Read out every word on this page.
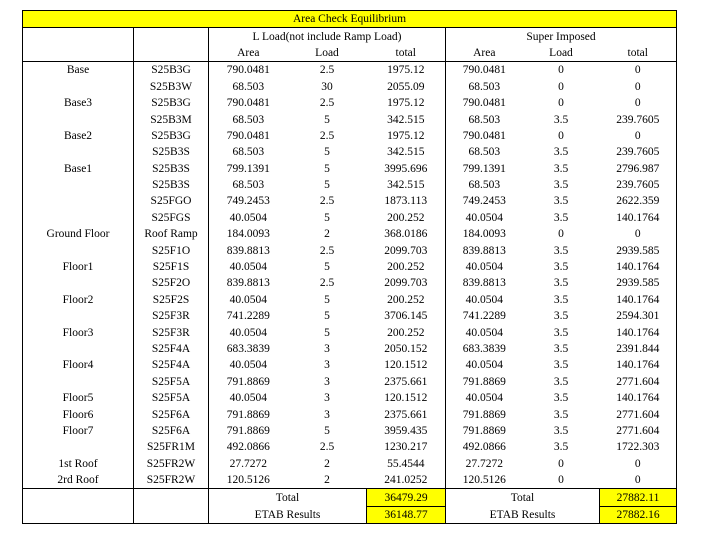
Area Check Equilibrium							
		L Load(not include Ramp Load)			Super Imposed		
		Area	Load	total	Area	Load	total
Base	S25B3G	790.0481	2.5	1975.12	790.0481	0	0
	S25B3W	68.503	30	2055.09	68.503	0	0
Base3	S25B3G	790.0481	2.5	1975.12	790.0481	0	0
	S25B3M	68.503	5	342.515	68.503	3.5	239.7605
Base2	S25B3G	790.0481	2.5	1975.12	790.0481	0	0
	S25B3S	68.503	5	342.515	68.503	3.5	239.7605
Base1	S25B3S	799.1391	5	3995.696	799.1391	3.5	2796.987
	S25B3S	68.503	5	342.515	68.503	3.5	239.7605
	S25FGO	749.2453	2.5	1873.113	749.2453	3.5	2622.359
	S25FGS	40.0504	5	200.252	40.0504	3.5	140.1764
Ground Floor	Roof Ramp	184.0093	2	368.0186	184.0093	0	0
	S25F1O	839.8813	2.5	2099.703	839.8813	3.5	2939.585
Floor1	S25F1S	40.0504	5	200.252	40.0504	3.5	140.1764
	S25F2O	839.8813	2.5	2099.703	839.8813	3.5	2939.585
Floor2	S25F2S	40.0504	5	200.252	40.0504	3.5	140.1764
	S25F3R	741.2289	5	3706.145	741.2289	3.5	2594.301
Floor3	S25F3R	40.0504	5	200.252	40.0504	3.5	140.1764
	S25F4A	683.3839	3	2050.152	683.3839	3.5	2391.844
Floor4	S25F4A	40.0504	3	120.1512	40.0504	3.5	140.1764
	S25F5A	791.8869	3	2375.661	791.8869	3.5	2771.604
Floor5	S25F5A	40.0504	3	120.1512	40.0504	3.5	140.1764
Floor6	S25F6A	791.8869	3	2375.661	791.8869	3.5	2771.604
Floor7	S25F6A	791.8869	5	3959.435	791.8869	3.5	2771.604
	S25FR1M	492.0866	2.5	1230.217	492.0866	3.5	1722.303
1st Roof	S25FR2W	27.7272	2	55.4544	27.7272	0	0
2rd Roof	S25FR2W	120.5126	2	241.0252	120.5126	0	0
		Total		36479.29	Total		27882.11
		ETAB Results		36148.77	ETAB Results		27882.16
